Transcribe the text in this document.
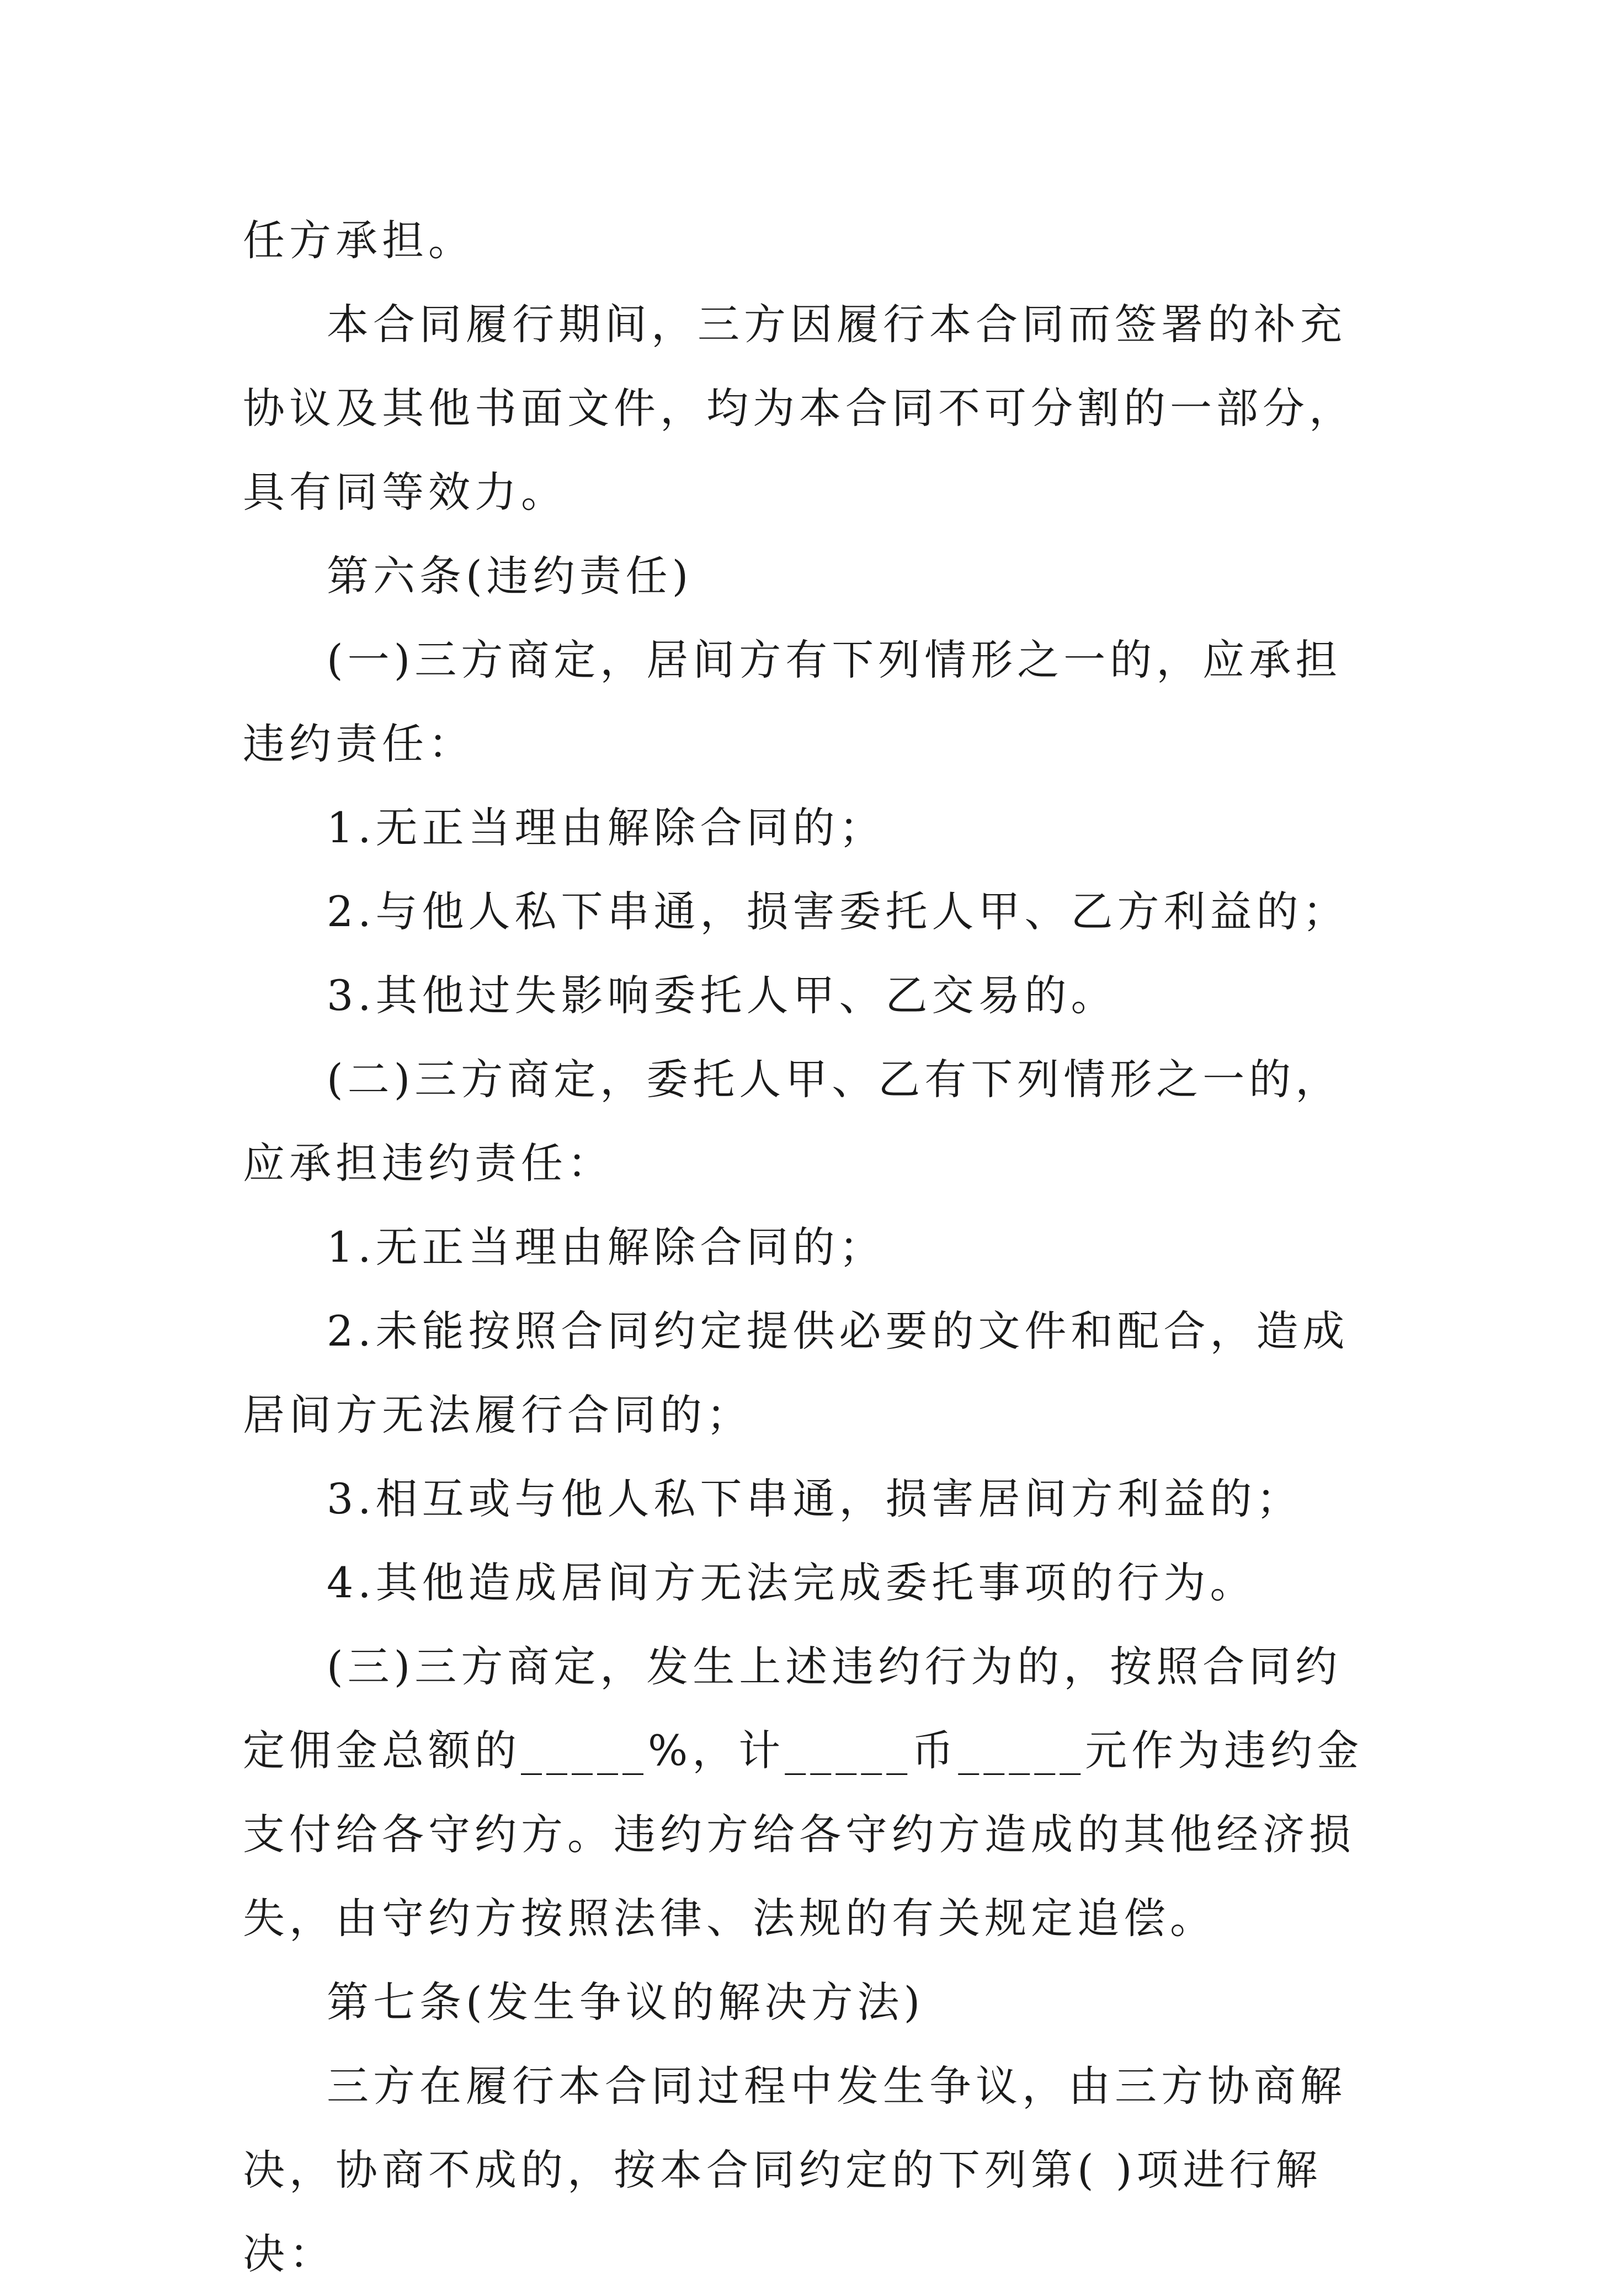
任方承担。

本合同履行期间，三方因履行本合同而签署的补充协议及其他书面文件，均为本合同不可分割的一部分，具有同等效力。

第六条(违约责任)

(一)三方商定，居间方有下列情形之一的，应承担违约责任：

1.无正当理由解除合同的；

2.与他人私下串通，损害委托人甲、乙方利益的；

3.其他过失影响委托人甲、乙交易的。

(二)三方商定，委托人甲、乙有下列情形之一的，应承担违约责任：

1.无正当理由解除合同的；

2.未能按照合同约定提供必要的文件和配合，造成居间方无法履行合同的；

3.相互或与他人私下串通，损害居间方利益的；

4.其他造成居间方无法完成委托事项的行为。

(三)三方商定，发生上述违约行为的，按照合同约定佣金总额的_____%，计_____币_____元作为违约金支付给各守约方。违约方给各守约方造成的其他经济损失，由守约方按照法律、法规的有关规定追偿。

第七条(发生争议的解决方法)

三方在履行本合同过程中发生争议，由三方协商解决，协商不成的，按本合同约定的下列第( )项进行解决：
